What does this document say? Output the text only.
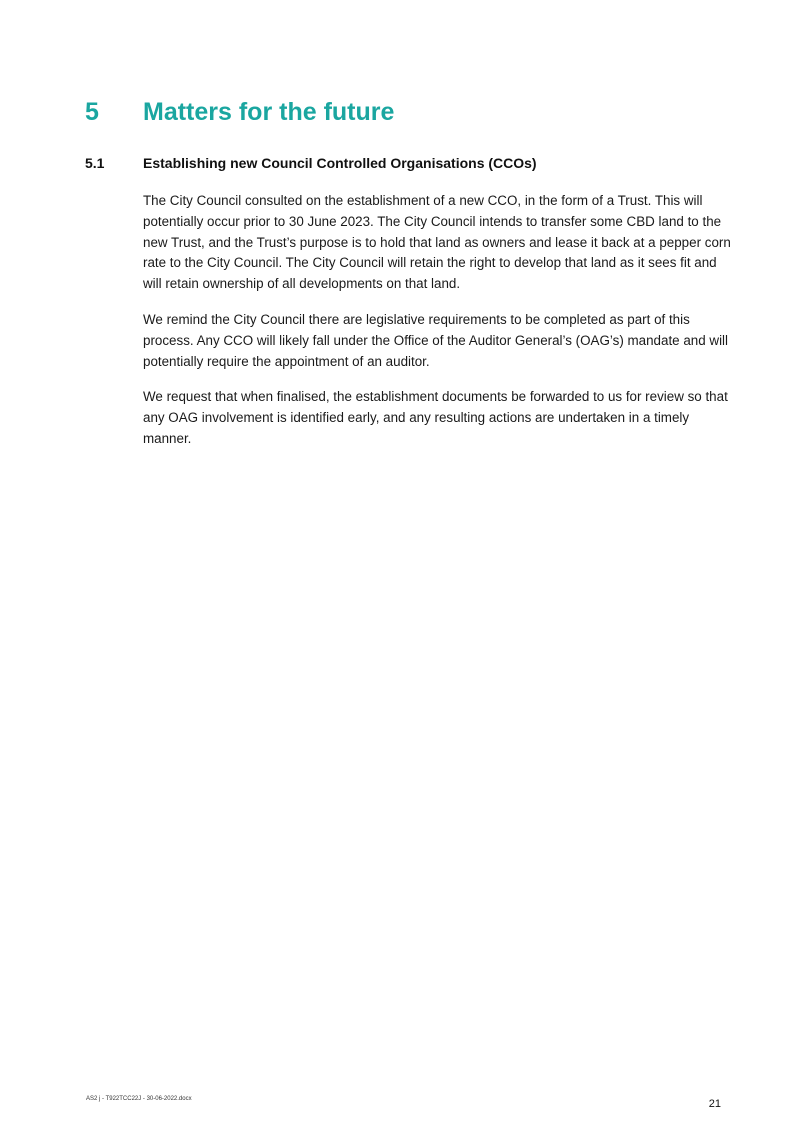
5	Matters for the future
5.1	Establishing new Council Controlled Organisations (CCOs)

The City Council consulted on the establishment of a new CCO, in the form of a Trust. This will potentially occur prior to 30 June 2023. The City Council intends to transfer some CBD land to the new Trust, and the Trust’s purpose is to hold that land as owners and lease it back at a pepper corn rate to the City Council. The City Council will retain the right to develop that land as it sees fit and will retain ownership of all developments on that land.

We remind the City Council there are legislative requirements to be completed as part of this process. Any CCO will likely fall under the Office of the Auditor General’s (OAG’s) mandate and will potentially require the appointment of an auditor.

We request that when finalised, the establishment documents be forwarded to us for review so that any OAG involvement is identified early, and any resulting actions are undertaken in a timely manner.

AS2 j - T922TCC22J - 30-06-2022.docx	21
